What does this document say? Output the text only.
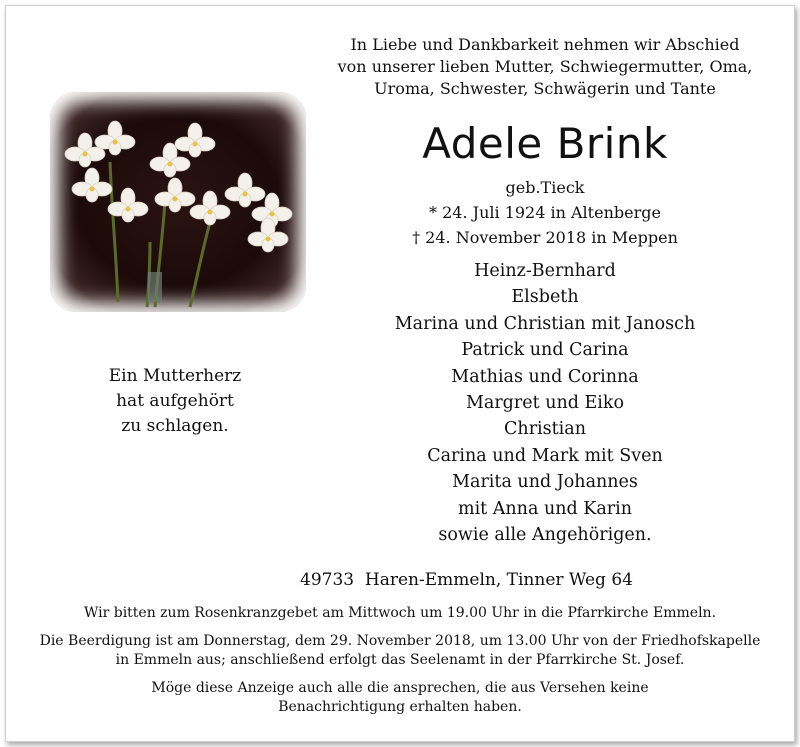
In Liebe und Dankbarkeit nehmen wir Abschied
von unserer lieben Mutter, Schwiegermutter, Oma,
Uroma, Schwester, Schwägerin und Tante
Adele Brink
geb.Tieck
* 24. Juli 1924 in Altenberge
† 24. November 2018 in Meppen
Heinz-Bernhard
Elsbeth
Marina und Christian mit Janosch
Patrick und Carina
Mathias und Corinna
Margret und Eiko
Christian
Carina und Mark mit Sven
Marita und Johannes
mit Anna und Karin
sowie alle Angehörigen.
Ein Mutterherz
hat aufgehört
zu schlagen.
49733 Haren-Emmeln, Tinner Weg 64

Wir bitten zum Rosenkranzgebet am Mittwoch um 19.00 Uhr in die Pfarrkirche Emmeln.

Die Beerdigung ist am Donnerstag, dem 29. November 2018, um 13.00 Uhr von der Friedhofskapelle
in Emmeln aus; anschließend erfolgt das Seelenamt in der Pfarrkirche St. Josef.

Möge diese Anzeige auch alle die ansprechen, die aus Versehen keine
Benachrichtigung erhalten haben.
